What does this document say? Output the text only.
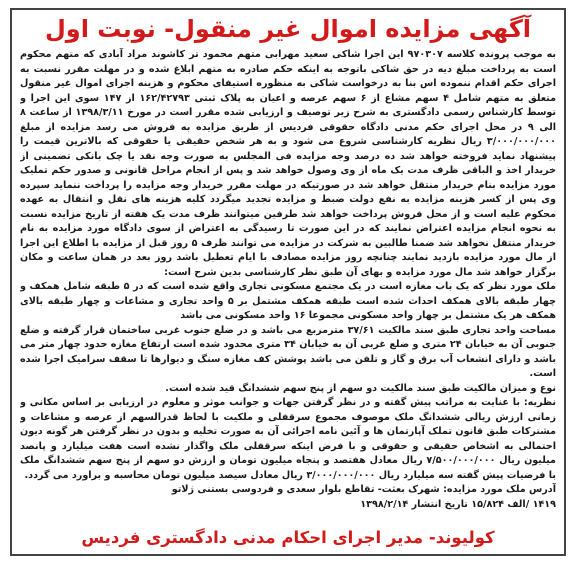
آگهی مزایده اموال غیر منقول- نوبت اول

به موجب پرونده کلاسه ۹۷۰۳۰۷ این اجرا شاکی سعید مهرابی متهم محمود تر کاشوند مراد آبادی که متهم محکوم است به پرداخت مبلغ دیه در حق شاکی باتوجه به اینکه حکم صادره به متهم ابلاغ شده و در مهلت مقرر نسبت به اجرای حکم اقدام ننموده اس بنا به درخواست شاکی به منظوره استیفای محکوم و هزینه اجرای اموال غیر منقول متعلق به متهم شامل ۴ سهم مشاع از ۶ سهم عرصه و اعیان به پلاک ثبتی ۱۶۲/۴۲۷۹۳ از ۱۴۷ سوی این اجرا و توسط کارشناس رسمی دادگستری به شرح زیر توصیف و ارزیابی شده مقرر است در مورخ ۱۳۹۸/۳/۱۱ از ساعت ۸ الی ۹ در محل اجرای حکم مدنی دادگاه حقوقی فردیس از طریق مزایده به فروش می رسد مزایده از مبلغ ۳/۰۰۰/۰۰۰/۰۰۰ ریال نظریه کارشناسی شروع می شود و به هر شخص حقیقی یا حقوقی که بالاترین قیمت را پیشنهاد نماید فروخته خواهد شد ده درصد وجه مزایده فی المجلس به صورت وجه نقد یا چک بانکی تضمینی از خریدار اخذ و الباقی ظرف مدت یک ماه از وی وصول خواهد شد و پس از انجام مراحل قانونی و صدور حکم تملیک مورد مزایده بنام خریدار منتقل خواهد شد در صورتیکه در مهلت مقرر خریدار وجه مزایده را پرداخت ننماید سپرده وی پس از کسر هزینه مزایده به نفع دولت ضبط و مزایده تجدید میگردد کلیه هزینه های نقل و انتقال به عهده محکوم علیه است و از محل فروش پرداخت خواهد شد طرفین میتوانند ظرف مدت یک هفته از تاریخ مزایده نسبت به نحوه انجام مزایده اعتراض نمایند که در این صورت تا رسیدگی به اعتراض از سوی دادگاه مورد مزایده به نام خریدار منتقل نخواهد شد ضمنا طالبین به شرکت در مزایده می توانند ظرف ۵ روز قبل از مزایده با اطلاع این اجرا از مال مورد مزایده بازدید نمایند چنانچه روز مزایده مصادف با ایام تعطیل باشد روز بعد در همان ساعت و مکان برگزار خواهد شد مال مورد مزایده و بهای آن طبق نظر کارشناسی بدین شرح است:

ملک مورد نظر که یک باب مغازه است در یک مجتمع مسکونی تجاری واقع شده است که در ۵ طبقه شامل همکف و چهار طبقه بالای همکف احداث شده است طبقه همکف مشتمل بر ۵ واحد تجاری و مشاعات و چهار طبقه بالای همکف هر یک مشتمل بر چهار واحد مسکونی مجموعا ۱۶ واحد مسکونی می باشد

مساحت واحد تجاری طبق سند مالکیت ۳۷/۶۱ مترمربع می باشد و در ضلع جنوب غربی ساختمان قرار گرفته و ضلع جنوبی آن به خیابان ۲۴ متری و ضلع غربی آن به خیابان ۳۴ متری محدود شده است ارتفاع مغازه حدود چهار متر می باشد و دارای انشعاب آب برق و گاز و تلفن می باشد پوشش کف مغازه سنگ و دیوارها تا سقف سرامیک اجرا شده است.

نوع و میزان مالکیت طبق سند مالکیت دو سهم از پنج سهم ششدانگ قید شده است.

نظریه: با عنایت به مراتب پیش گفته و در نظر گرفتن جهات و جوانب موثر و معلوم در ارزیابی بر اساس مکانی و زمانی ارزش ریالی ششدانگ ملک موصوف مجموع سرقفلی و ملکیت با لحاظ قدرالسهم از عرصه و مشاعات و مشترکات طبق قانون تملک آپارتمان ها و آئین نامه اجرائی آن به صورت تخلیه و بدون در نظر گرفتن هر گونه دیون احتمالی به اشخاص حقیقی و حقوقی و با فرض اینکه سرقفلی ملک واگذار نشده است هفت میلیارد و پانصد میلیون ریال ۷/۵۰۰/۰۰۰/۰۰۰ ریال معادل هفتصد و پنجاه میلیون تومان و ارزش دو سهم از پنج سهم ششدانگ ملک با فرضیات پیش گفته سه میلیارد ریال ۳/۰۰۰/۰۰۰/۰۰۰ ریال معادل سیصد میلیون تومان محاسبه و براورد می گردد.

آدرس ملک مورد مزایده: شهرک بعثت- تقاطع بلوار سعدی و فردوسی بستنی ژلاتو

۱۴۱۹ /الف ۱۵/۸۲۴ تاریخ انتشار ۱۳۹۸/۲/۱۴

کولیوند- مدیر اجرای احکام مدنی دادگستری فردیس
